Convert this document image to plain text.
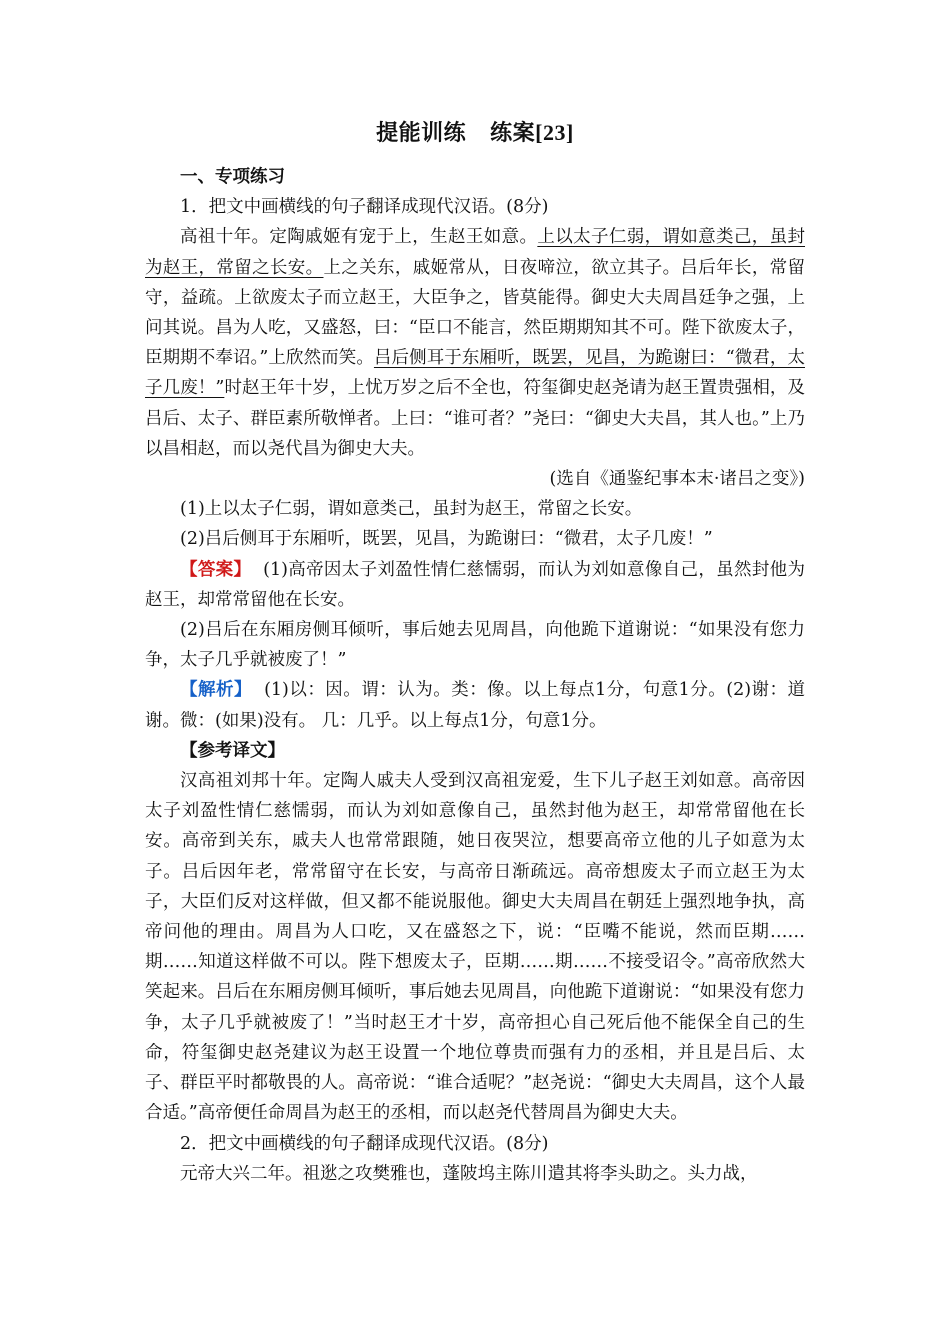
提能训练 练案[23]

一、专项练习

1．把文中画横线的句子翻译成现代汉语。(8分)

高祖十年。定陶戚姬有宠于上，生赵王如意。上以太子仁弱，谓如意类己，虽封为赵王，常留之长安。上之关东，戚姬常从，日夜啼泣，欲立其子。吕后年长，常留守，益疏。上欲废太子而立赵王，大臣争之，皆莫能得。御史大夫周昌廷争之强，上问其说。昌为人吃，又盛怒，曰：“臣口不能言，然臣期期知其不可。陛下欲废太子，臣期期不奉诏。”上欣然而笑。吕后侧耳于东厢听，既罢，见昌，为跪谢曰：“微君，太子几废！”时赵王年十岁，上忧万岁之后不全也，符玺御史赵尧请为赵王置贵强相，及吕后、太子、群臣素所敬惮者。上曰：“谁可者？”尧曰：“御史大夫昌，其人也。”上乃以昌相赵，而以尧代昌为御史大夫。

(选自《通鉴纪事本末·诸吕之变》)

(1)上以太子仁弱，谓如意类己，虽封为赵王，常留之长安。

(2)吕后侧耳于东厢听，既罢，见昌，为跪谢曰：“微君，太子几废！”

【答案】 (1)高帝因太子刘盈性情仁慈懦弱，而认为刘如意像自己，虽然封他为赵王，却常常留他在长安。

(2)吕后在东厢房侧耳倾听，事后她去见周昌，向他跪下道谢说：“如果没有您力争，太子几乎就被废了！”

【解析】 (1)以：因。谓：认为。类：像。以上每点1分，句意1分。(2)谢：道谢。微：(如果)没有。 几：几乎。以上每点1分，句意1分。

【参考译文】

汉高祖刘邦十年。定陶人戚夫人受到汉高祖宠爱，生下儿子赵王刘如意。高帝因太子刘盈性情仁慈懦弱，而认为刘如意像自己，虽然封他为赵王，却常常留他在长安。高帝到关东，戚夫人也常常跟随，她日夜哭泣，想要高帝立他的儿子如意为太子。吕后因年老，常常留守在长安，与高帝日渐疏远。高帝想废太子而立赵王为太子，大臣们反对这样做，但又都不能说服他。御史大夫周昌在朝廷上强烈地争执，高帝问他的理由。周昌为人口吃，又在盛怒之下，说：“臣嘴不能说，然而臣期……期……知道这样做不可以。陛下想废太子，臣期……期……不接受诏令。”高帝欣然大笑起来。吕后在东厢房侧耳倾听，事后她去见周昌，向他跪下道谢说：“如果没有您力争，太子几乎就被废了！”当时赵王才十岁，高帝担心自己死后他不能保全自己的生命，符玺御史赵尧建议为赵王设置一个地位尊贵而强有力的丞相，并且是吕后、太子、群臣平时都敬畏的人。高帝说：“谁合适呢？”赵尧说：“御史大夫周昌，这个人最合适。”高帝便任命周昌为赵王的丞相，而以赵尧代替周昌为御史大夫。

2．把文中画横线的句子翻译成现代汉语。(8分)

元帝大兴二年。祖逖之攻樊雅也，蓬陂坞主陈川遣其将李头助之。头力战，
